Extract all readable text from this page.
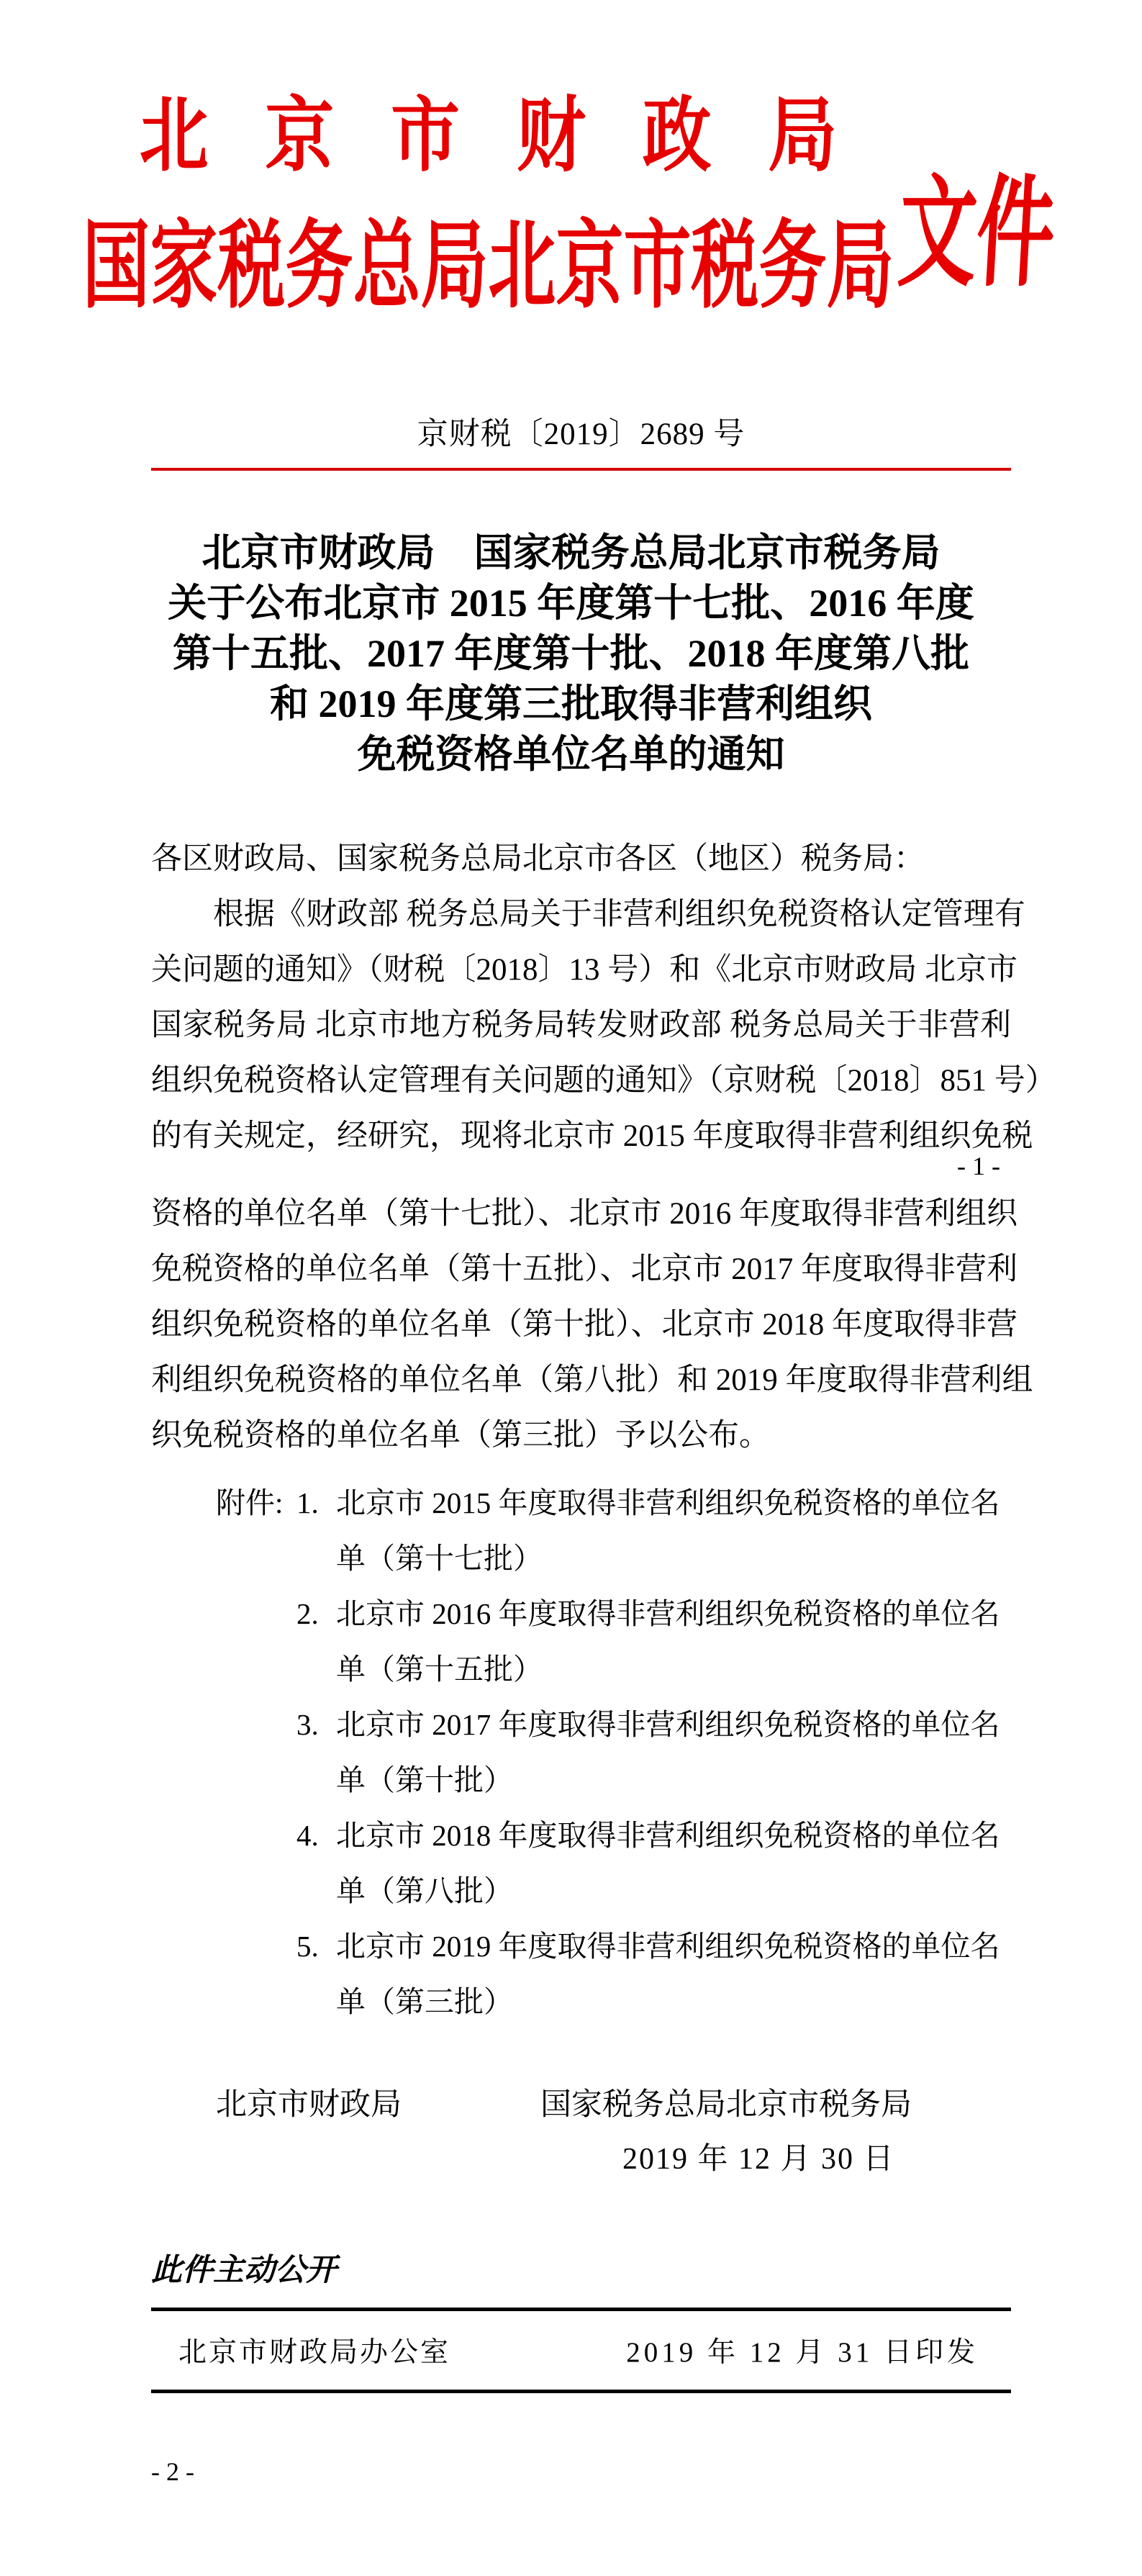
北京市财政局
国家税务总局北京市税务局 文件
京财税〔2019〕2689 号
北京市财政局　国家税务总局北京市税务局
关于公布北京市 2015 年度第十七批、2016 年度
第十五批、2017 年度第十批、2018 年度第八批
和 2019 年度第三批取得非营利组织
免税资格单位名单的通知
各区财政局、国家税务总局北京市各区（地区）税务局：
根据《财政部 税务总局关于非营利组织免税资格认定管理有
关问题的通知》（财税〔2018〕13 号）和《北京市财政局 北京市
国家税务局 北京市地方税务局转发财政部 税务总局关于非营利
组织免税资格认定管理有关问题的通知》（京财税〔2018〕851 号）
的有关规定，经研究，现将北京市 2015 年度取得非营利组织免税
- 1 -
资格的单位名单（第十七批）、北京市 2016 年度取得非营利组织
免税资格的单位名单（第十五批）、北京市 2017 年度取得非营利
组织免税资格的单位名单（第十批）、北京市 2018 年度取得非营
利组织免税资格的单位名单（第八批）和 2019 年度取得非营利组
织免税资格的单位名单（第三批）予以公布。
附件: 1. 北京市 2015 年度取得非营利组织免税资格的单位名
单（第十七批）
2. 北京市 2016 年度取得非营利组织免税资格的单位名
单（第十五批）
3. 北京市 2017 年度取得非营利组织免税资格的单位名
单（第十批）
4. 北京市 2018 年度取得非营利组织免税资格的单位名
单（第八批）
5. 北京市 2019 年度取得非营利组织免税资格的单位名
单（第三批）
北京市财政局	国家税务总局北京市税务局
2019 年 12 月 30 日
此件主动公开
北京市财政局办公室	2019 年 12 月 31 日印发
- 2 -
